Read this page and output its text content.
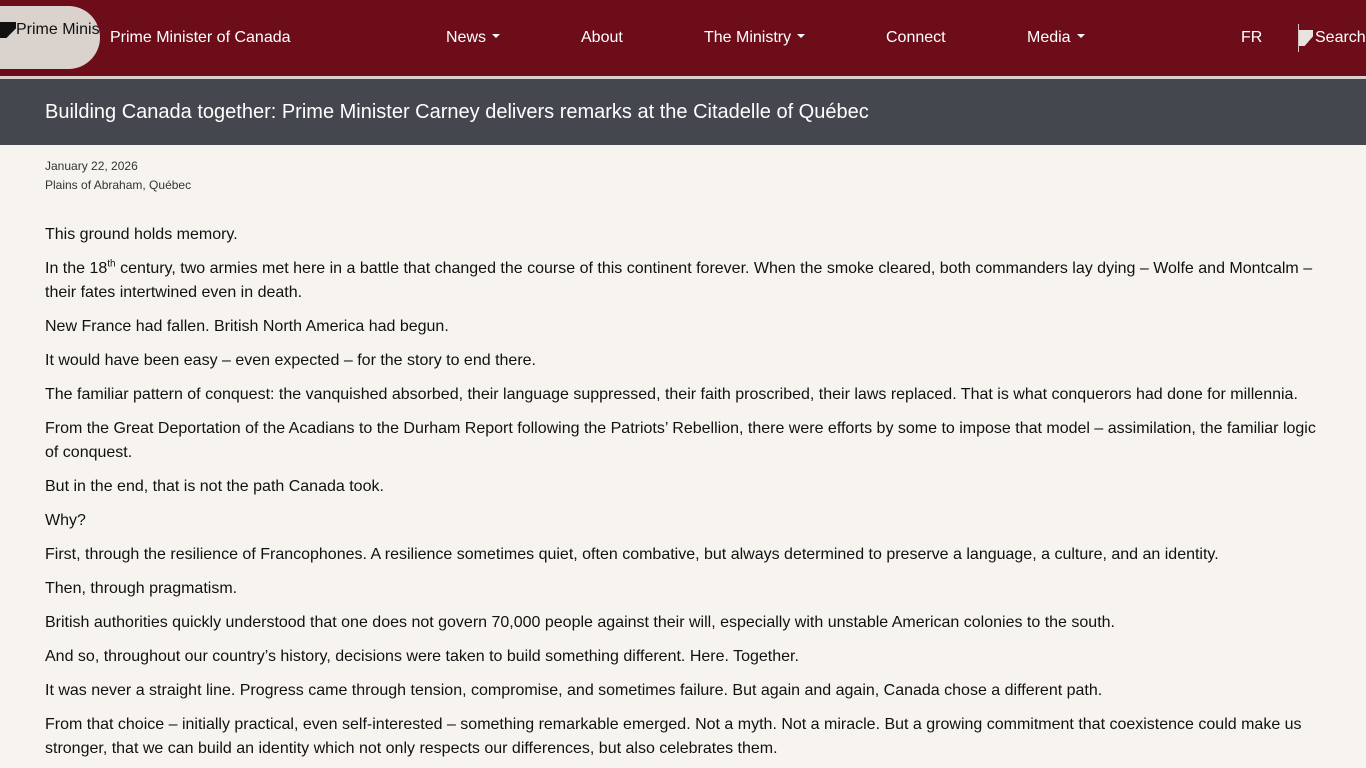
Prime Minis Prime Minister of Canada	News	About	The Ministry	Connect	Media	FR	Search
Building Canada together: Prime Minister Carney delivers remarks at the Citadelle of Québec
January 22, 2026
Plains of Abraham, Québec

This ground holds memory.

In the 18th century, two armies met here in a battle that changed the course of this continent forever. When the smoke cleared, both commanders lay dying – Wolfe and Montcalm – their fates intertwined even in death.

New France had fallen. British North America had begun.

It would have been easy – even expected – for the story to end there.

The familiar pattern of conquest: the vanquished absorbed, their language suppressed, their faith proscribed, their laws replaced. That is what conquerors had done for millennia.

From the Great Deportation of the Acadians to the Durham Report following the Patriots’ Rebellion, there were efforts by some to impose that model – assimilation, the familiar logic of conquest.

But in the end, that is not the path Canada took.

Why?

First, through the resilience of Francophones. A resilience sometimes quiet, often combative, but always determined to preserve a language, a culture, and an identity.

Then, through pragmatism.

British authorities quickly understood that one does not govern 70,000 people against their will, especially with unstable American colonies to the south.

And so, throughout our country’s history, decisions were taken to build something different. Here. Together.

It was never a straight line. Progress came through tension, compromise, and sometimes failure. But again and again, Canada chose a different path.

From that choice – initially practical, even self-interested – something remarkable emerged. Not a myth. Not a miracle. But a growing commitment that coexistence could make us stronger, that we can build an identity which not only respects our differences, but also celebrates them.
